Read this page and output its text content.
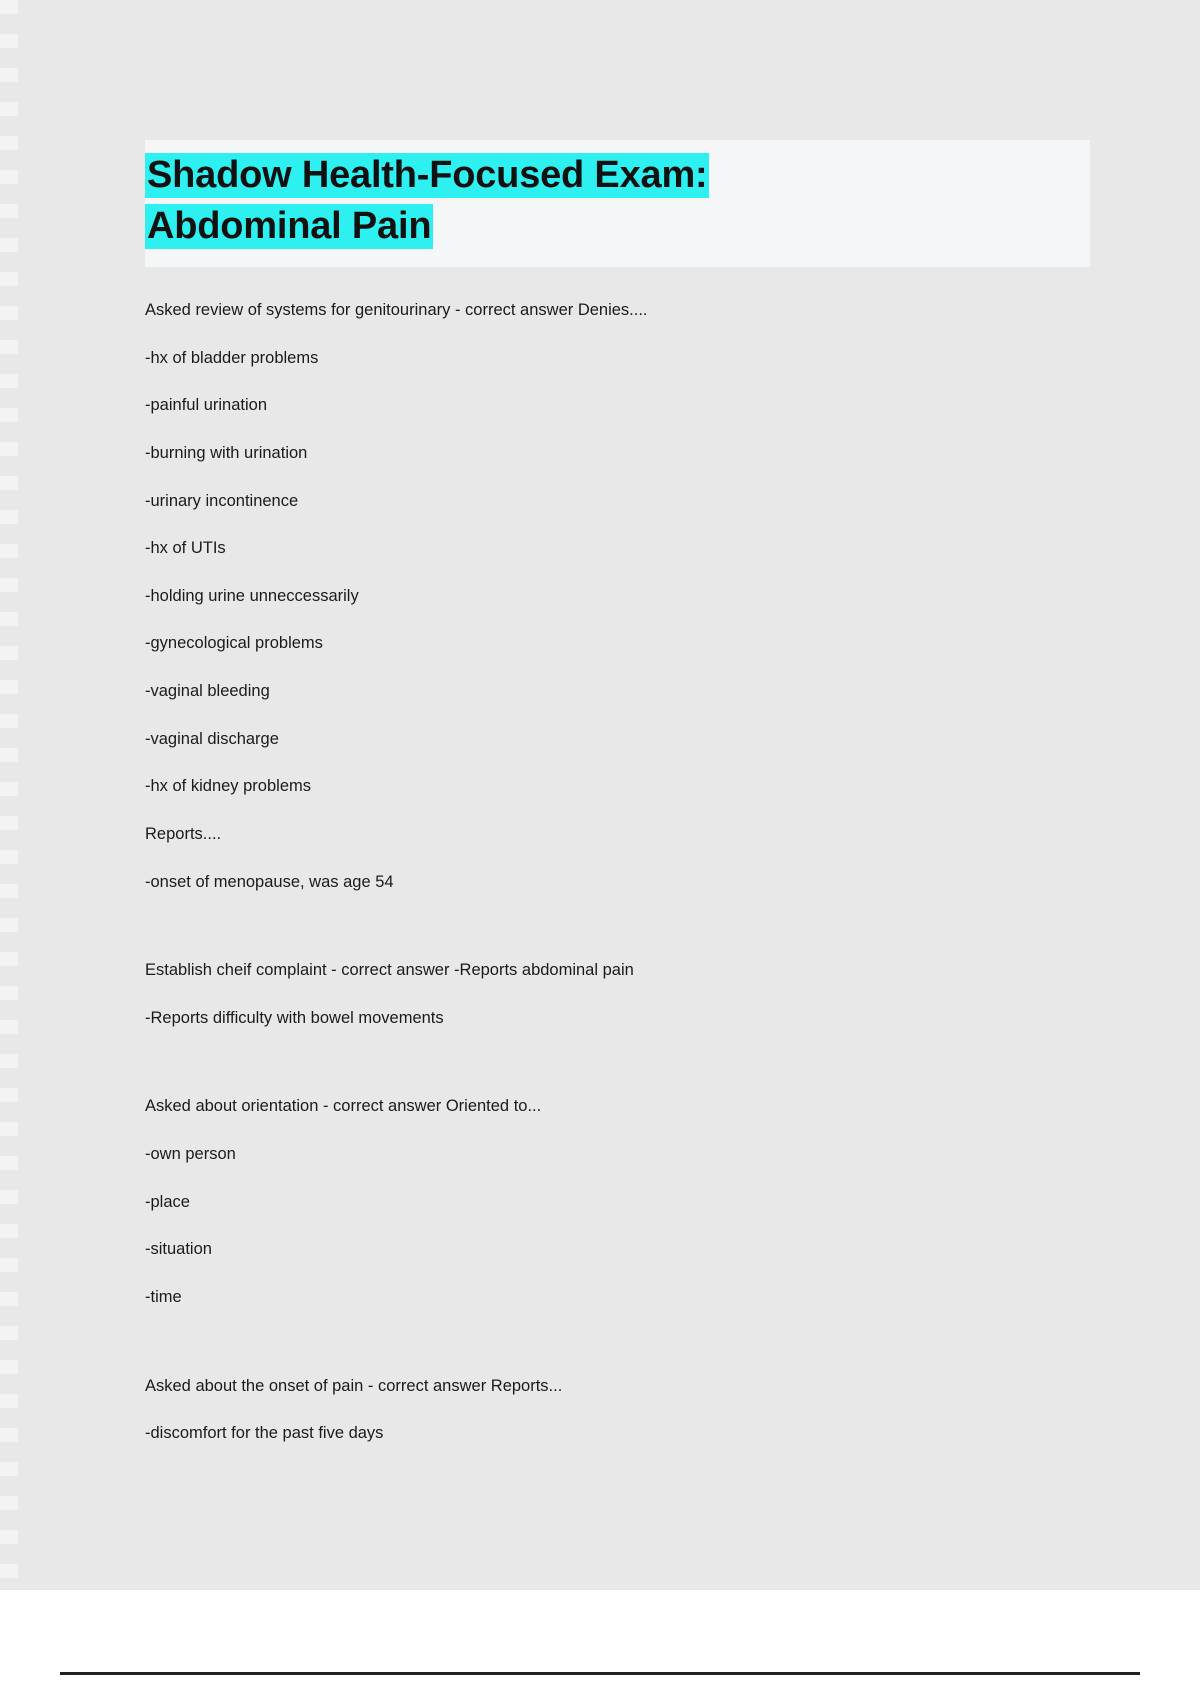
Shadow Health-Focused Exam:
Abdominal Pain

Asked review of systems for genitourinary - correct answer Denies....

-hx of bladder problems

-painful urination

-burning with urination

-urinary incontinence

-hx of UTIs

-holding urine unneccessarily

-gynecological problems

-vaginal bleeding

-vaginal discharge

-hx of kidney problems

Reports....

-onset of menopause, was age 54

Establish cheif complaint - correct answer -Reports abdominal pain

-Reports difficulty with bowel movements

Asked about orientation - correct answer Oriented to...

-own person

-place

-situation

-time

Asked about the onset of pain - correct answer Reports...

-discomfort for the past five days
